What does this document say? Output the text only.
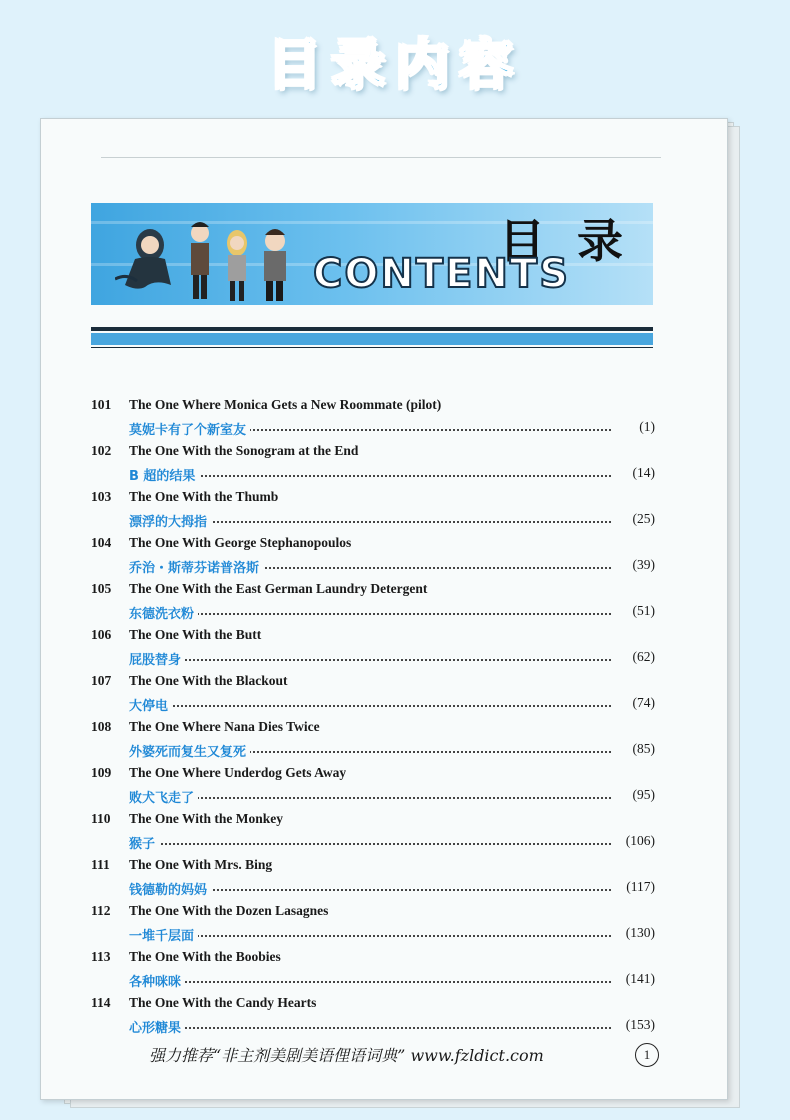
目录内容
目 录
CONTENTS
101 The One Where Monica Gets a New Roommate (pilot)
莫妮卡有了个新室友	(1)
102 The One With the Sonogram at the End
B 超的结果	(14)
103 The One With the Thumb
漂浮的大拇指	(25)
104 The One With George Stephanopoulos
乔治・斯蒂芬诺普洛斯	(39)
105 The One With the East German Laundry Detergent
东德洗衣粉	(51)
106 The One With the Butt
屁股替身	(62)
107 The One With the Blackout
大停电	(74)
108 The One Where Nana Dies Twice
外婆死而复生又复死	(85)
109 The One Where Underdog Gets Away
败犬飞走了	(95)
110 The One With the Monkey
猴子	(106)
111 The One With Mrs. Bing
钱德勒的妈妈	(117)
112 The One With the Dozen Lasagnes
一堆千层面	(130)
113 The One With the Boobies
各种咪咪	(141)
114 The One With the Candy Hearts
心形糖果	(153)
强力推荐“非主剂美剧美语俚语词典” www.fzldict.com	1
